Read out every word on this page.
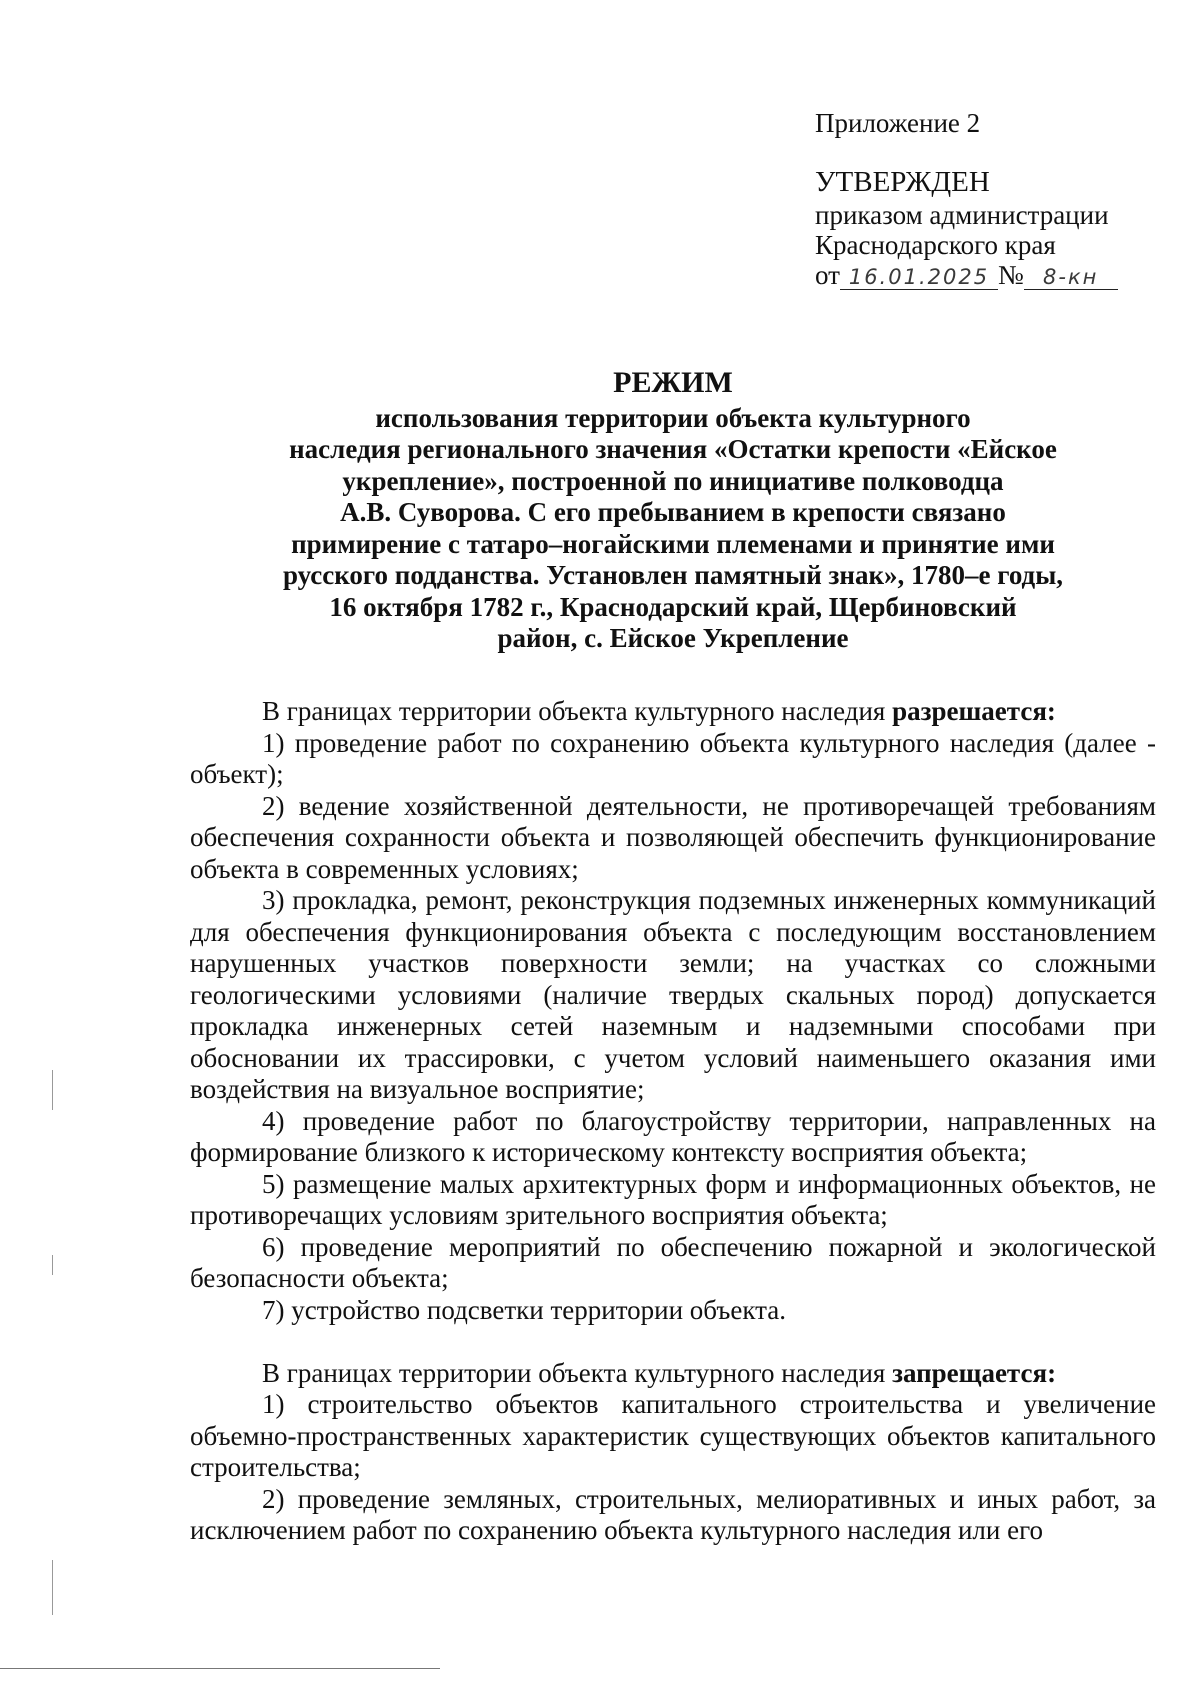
Приложение 2
УТВЕРЖДЕН
приказом администрации
Краснодарского края
от 16.01.2025 № 8-кн
РЕЖИМ
использования территории объекта культурного
наследия регионального значения «Остатки крепости «Ейское
укрепление», построенной по инициативе полководца
А.В. Суворова. С его пребыванием в крепости связано
примирение с татаро–ногайскими племенами и принятие ими
русского подданства. Установлен памятный знак», 1780–е годы,
16 октября 1782 г., Краснодарский край, Щербиновский
район, с. Ейское Укрепление
В границах территории объекта культурного наследия разрешается:
1) проведение работ по сохранению объекта культурного наследия (далее - объект);
2) ведение хозяйственной деятельности, не противоречащей требованиям обеспечения сохранности объекта и позволяющей обеспечить функционирование объекта в современных условиях;
3) прокладка, ремонт, реконструкция подземных инженерных коммуникаций для обеспечения функционирования объекта с последующим восстановлением нарушенных участков поверхности земли; на участках со сложными геологическими условиями (наличие твердых скальных пород) допускается прокладка инженерных сетей наземным и надземными способами при обосновании их трассировки, с учетом условий наименьшего оказания ими воздействия на визуальное восприятие;
4) проведение работ по благоустройству территории, направленных на формирование близкого к историческому контексту восприятия объекта;
5) размещение малых архитектурных форм и информационных объектов, не противоречащих условиям зрительного восприятия объекта;
6) проведение мероприятий по обеспечению пожарной и экологической безопасности объекта;
7) устройство подсветки территории объекта.
В границах территории объекта культурного наследия запрещается:
1) строительство объектов капитального строительства и увеличение объемно-пространственных характеристик существующих объектов капитального строительства;
2) проведение земляных, строительных, мелиоративных и иных работ, за исключением работ по сохранению объекта культурного наследия или его
